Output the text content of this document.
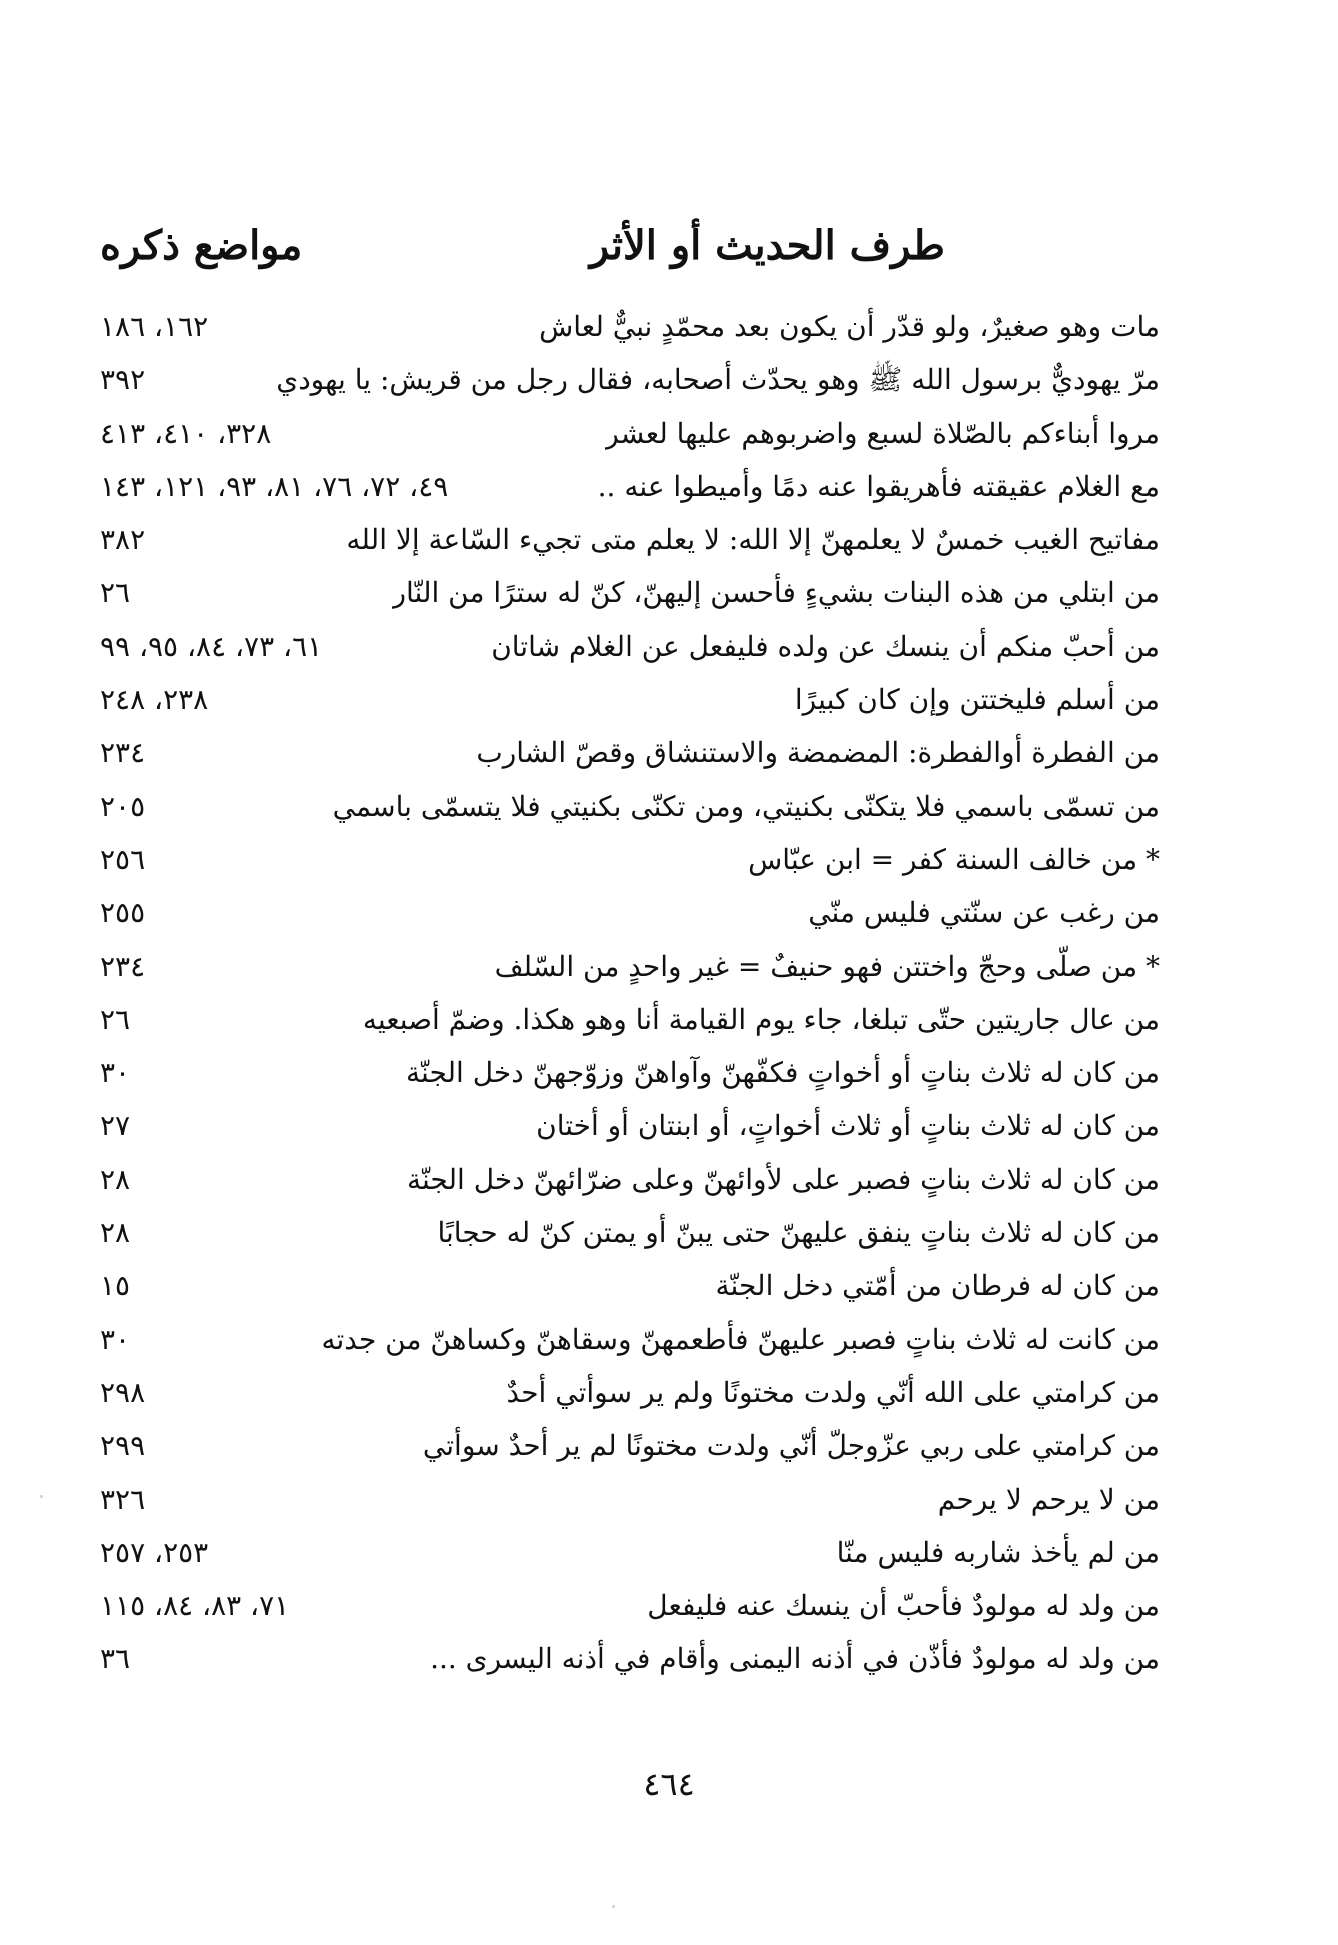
طرف الحديث أو الأثر
مواضع ذكره
مات وهو صغيرٌ، ولو قدّر أن يكون بعد محمّدٍ نبيٌّ لعاش
١٦٢، ١٨٦
مرّ يهوديٌّ برسول الله ﷺ وهو يحدّث أصحابه، فقال رجل من قريش: يا يهودي
٣٩٢
مروا أبناءكم بالصّلاة لسبع واضربوهم عليها لعشر
٣٢٨، ٤١٠، ٤١٣
مع الغلام عقيقته فأهريقوا عنه دمًا وأميطوا عنه ..
٤٩، ٧٢، ٧٦، ٨١، ٩٣، ١٢١، ١٤٣
مفاتيح الغيب خمسٌ لا يعلمهنّ إلا الله: لا يعلم متى تجيء السّاعة إلا الله
٣٨٢
من ابتلي من هذه البنات بشيءٍ فأحسن إليهنّ، كنّ له سترًا من النّار
٢٦
من أحبّ منكم أن ينسك عن ولده فليفعل عن الغلام شاتان
٦١، ٧٣، ٨٤، ٩٥، ٩٩
من أسلم فليختتن وإن كان كبيرًا
٢٣٨، ٢٤٨
من الفطرة أوالفطرة: المضمضة والاستنشاق وقصّ الشارب
٢٣٤
من تسمّى باسمي فلا يتكنّى بكنيتي، ومن تكنّى بكنيتي فلا يتسمّى باسمي
٢٠٥
* من خالف السنة كفر = ابن عبّاس
٢٥٦
من رغب عن سنّتي فليس منّي
٢٥٥
* من صلّى وحجّ واختتن فهو حنيفٌ = غير واحدٍ من السّلف
٢٣٤
من عال جاريتين حتّى تبلغا، جاء يوم القيامة أنا وهو هكذا. وضمّ أصبعيه
٢٦
من كان له ثلاث بناتٍ أو أخواتٍ فكفّهنّ وآواهنّ وزوّجهنّ دخل الجنّة
٣٠
من كان له ثلاث بناتٍ أو ثلاث أخواتٍ، أو ابنتان أو أختان
٢٧
من كان له ثلاث بناتٍ فصبر على لأوائهنّ وعلى ضرّائهنّ دخل الجنّة
٢٨
من كان له ثلاث بناتٍ ينفق عليهنّ حتى يبنّ أو يمتن كنّ له حجابًا
٢٨
من كان له فرطان من أمّتي دخل الجنّة
١٥
من كانت له ثلاث بناتٍ فصبر عليهنّ فأطعمهنّ وسقاهنّ وكساهنّ من جدته
٣٠
من كرامتي على الله أنّي ولدت مختونًا ولم ير سوأتي أحدٌ
٢٩٨
من كرامتي على ربي عزّوجلّ أنّي ولدت مختونًا لم ير أحدٌ سوأتي
٢٩٩
من لا يرحم لا يرحم
٣٢٦
من لم يأخذ شاربه فليس منّا
٢٥٣، ٢٥٧
من ولد له مولودٌ فأحبّ أن ينسك عنه فليفعل
٧١، ٨٣، ٨٤، ١١٥
من ولد له مولودٌ فأذّن في أذنه اليمنى وأقام في أذنه اليسرى ...
٣٦
٤٦٤
